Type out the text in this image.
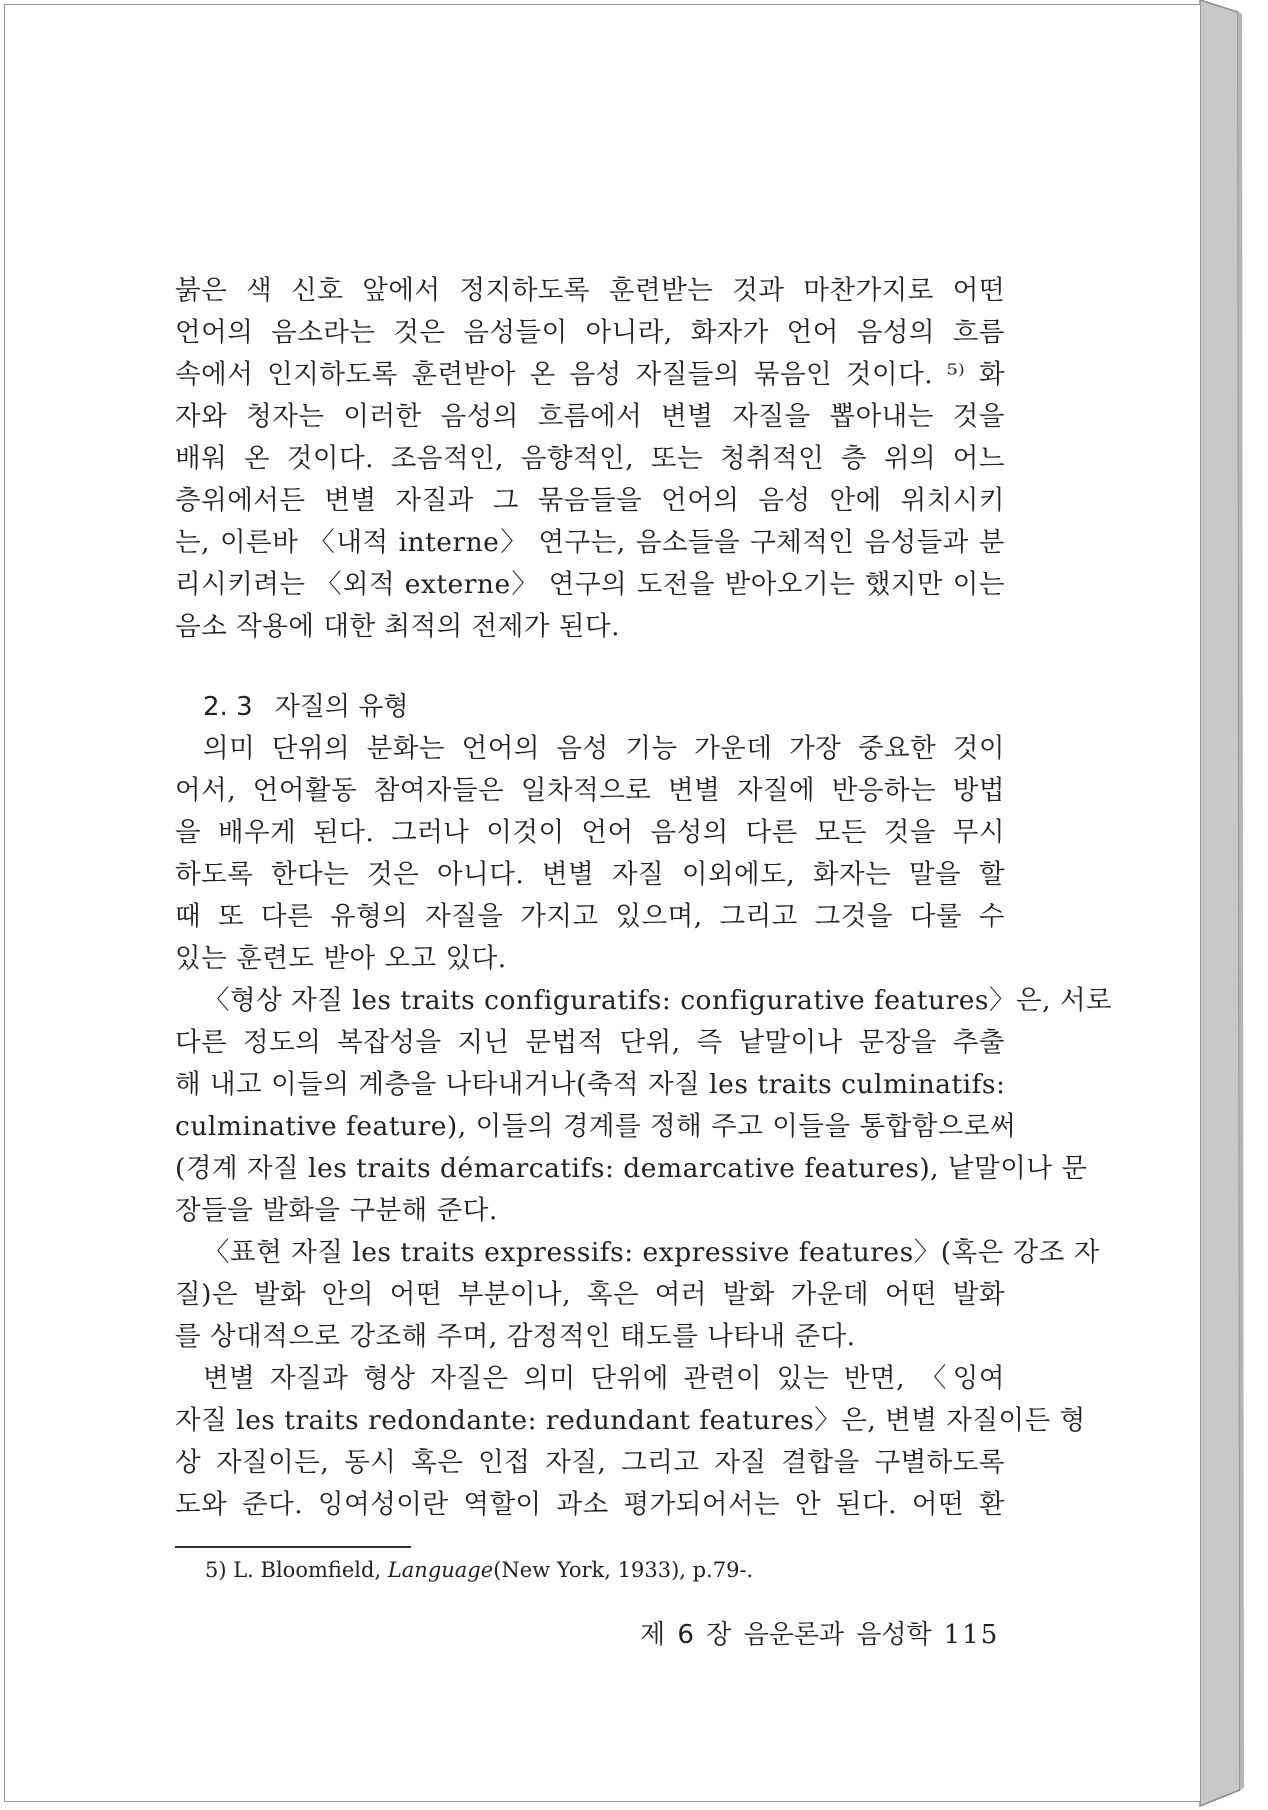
붉은 색 신호 앞에서 정지하도록 훈련받는 것과 마찬가지로 어떤
언어의 음소라는 것은 음성들이 아니라, 화자가 언어 음성의 흐름
속에서 인지하도록 훈련받아 온 음성 자질들의 묶음인 것이다. ⁵⁾ 화
자와 청자는 이러한 음성의 흐름에서 변별 자질을 뽑아내는 것을
배워 온 것이다. 조음적인, 음향적인, 또는 청취적인 층 위의 어느
층위에서든 변별 자질과 그 묶음들을 언어의 음성 안에 위치시키
는, 이른바 〈내적 interne〉 연구는, 음소들을 구체적인 음성들과 분
리시키려는 〈외적 externe〉 연구의 도전을 받아오기는 했지만 이는
음소 작용에 대한 최적의 전제가 된다.
2. 3 자질의 유형
의미 단위의 분화는 언어의 음성 기능 가운데 가장 중요한 것이
어서, 언어활동 참여자들은 일차적으로 변별 자질에 반응하는 방법
을 배우게 된다. 그러나 이것이 언어 음성의 다른 모든 것을 무시
하도록 한다는 것은 아니다. 변별 자질 이외에도, 화자는 말을 할
때 또 다른 유형의 자질을 가지고 있으며, 그리고 그것을 다룰 수
있는 훈련도 받아 오고 있다.
〈형상 자질 les traits configuratifs: configurative features〉은, 서로
다른 정도의 복잡성을 지닌 문법적 단위, 즉 낱말이나 문장을 추출
해 내고 이들의 계층을 나타내거나(축적 자질 les traits culminatifs:
culminative feature), 이들의 경계를 정해 주고 이들을 통합함으로써
(경계 자질 les traits démarcatifs: demarcative features), 낱말이나 문
장들을 발화을 구분해 준다.
〈표현 자질 les traits expressifs: expressive features〉(혹은 강조 자
질)은 발화 안의 어떤 부분이나, 혹은 여러 발화 가운데 어떤 발화
를 상대적으로 강조해 주며, 감정적인 태도를 나타내 준다.
변별 자질과 형상 자질은 의미 단위에 관련이 있는 반면, 〈잉여
자질 les traits redondante: redundant features〉은, 변별 자질이든 형
상 자질이든, 동시 혹은 인접 자질, 그리고 자질 결합을 구별하도록
도와 준다. 잉여성이란 역할이 과소 평가되어서는 안 된다. 어떤 환
5) L. Bloomfield, Language(New York, 1933), p.79-.
제 6 장 음운론과 음성학 115
